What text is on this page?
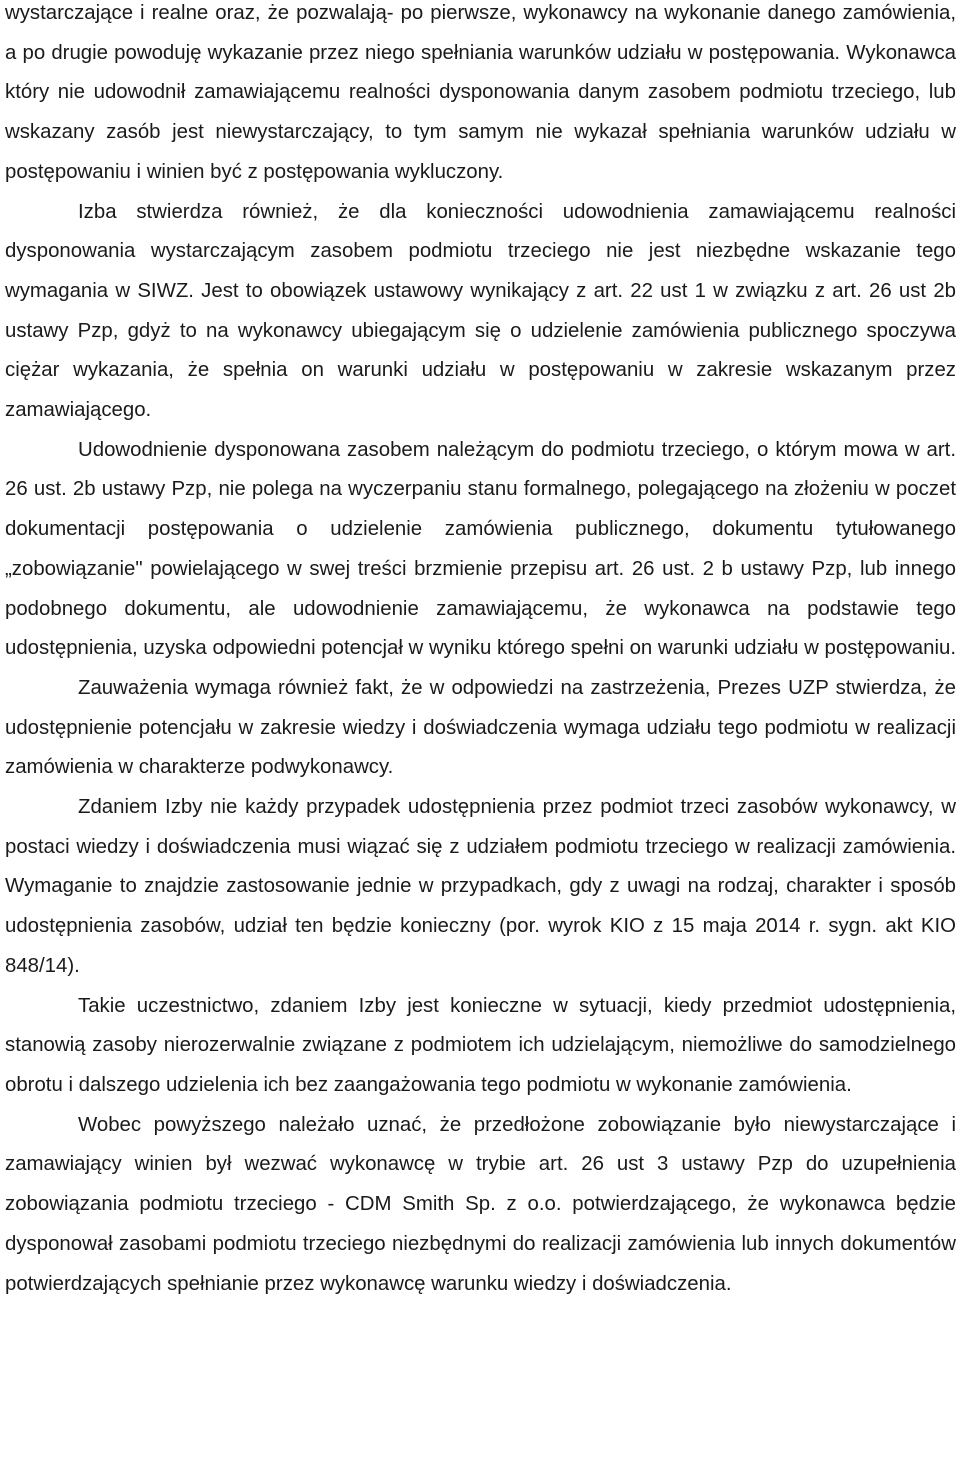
wystarczające i realne oraz, że pozwalają- po pierwsze, wykonawcy na wykonanie danego zamówienia, a po drugie powoduję wykazanie przez niego spełniania warunków udziału w postępowania. Wykonawca który nie udowodnił zamawiającemu realności dysponowania danym zasobem podmiotu trzeciego, lub wskazany zasób jest niewystarczający, to tym samym nie wykazał spełniania warunków udziału w postępowaniu i winien być z postępowania wykluczony.

Izba stwierdza również, że dla konieczności udowodnienia zamawiającemu realności dysponowania wystarczającym zasobem podmiotu trzeciego nie jest niezbędne wskazanie tego wymagania w SIWZ. Jest to obowiązek ustawowy wynikający z art. 22 ust 1 w związku z art. 26 ust 2b ustawy Pzp, gdyż to na wykonawcy ubiegającym się o udzielenie zamówienia publicznego spoczywa ciężar wykazania, że spełnia on warunki udziału w postępowaniu w zakresie wskazanym przez zamawiającego.

Udowodnienie dysponowana zasobem należącym do podmiotu trzeciego, o którym mowa w art. 26 ust. 2b ustawy Pzp, nie polega na wyczerpaniu stanu formalnego, polegającego na złożeniu w poczet dokumentacji postępowania o udzielenie zamówienia publicznego, dokumentu tytułowanego „zobowiązanie" powielającego w swej treści brzmienie przepisu art. 26 ust. 2 b ustawy Pzp, lub innego podobnego dokumentu, ale udowodnienie zamawiającemu, że wykonawca na podstawie tego udostępnienia, uzyska odpowiedni potencjał w wyniku którego spełni on warunki udziału w postępowaniu.

Zauważenia wymaga również fakt, że w odpowiedzi na zastrzeżenia, Prezes UZP stwierdza, że udostępnienie potencjału w zakresie wiedzy i doświadczenia wymaga udziału tego podmiotu w realizacji zamówienia w charakterze podwykonawcy.

Zdaniem Izby nie każdy przypadek udostępnienia przez podmiot trzeci zasobów wykonawcy, w postaci wiedzy i doświadczenia musi wiązać się z udziałem podmiotu trzeciego w realizacji zamówienia. Wymaganie to znajdzie zastosowanie jednie w przypadkach, gdy z uwagi na rodzaj, charakter i sposób udostępnienia zasobów, udział ten będzie konieczny (por. wyrok KIO z 15 maja 2014 r. sygn. akt KIO 848/14).

Takie uczestnictwo, zdaniem Izby jest konieczne w sytuacji, kiedy przedmiot udostępnienia, stanowią zasoby nierozerwalnie związane z podmiotem ich udzielającym, niemożliwe do samodzielnego obrotu i dalszego udzielenia ich bez zaangażowania tego podmiotu w wykonanie zamówienia.

Wobec powyższego należało uznać, że przedłożone zobowiązanie było niewystarczające i zamawiający winien był wezwać wykonawcę w trybie art. 26 ust 3 ustawy Pzp do uzupełnienia zobowiązania podmiotu trzeciego - CDM Smith Sp. z o.o. potwierdzającego, że wykonawca będzie dysponował zasobami podmiotu trzeciego niezbędnymi do realizacji zamówienia lub innych dokumentów potwierdzających spełnianie przez wykonawcę warunku wiedzy i doświadczenia.
